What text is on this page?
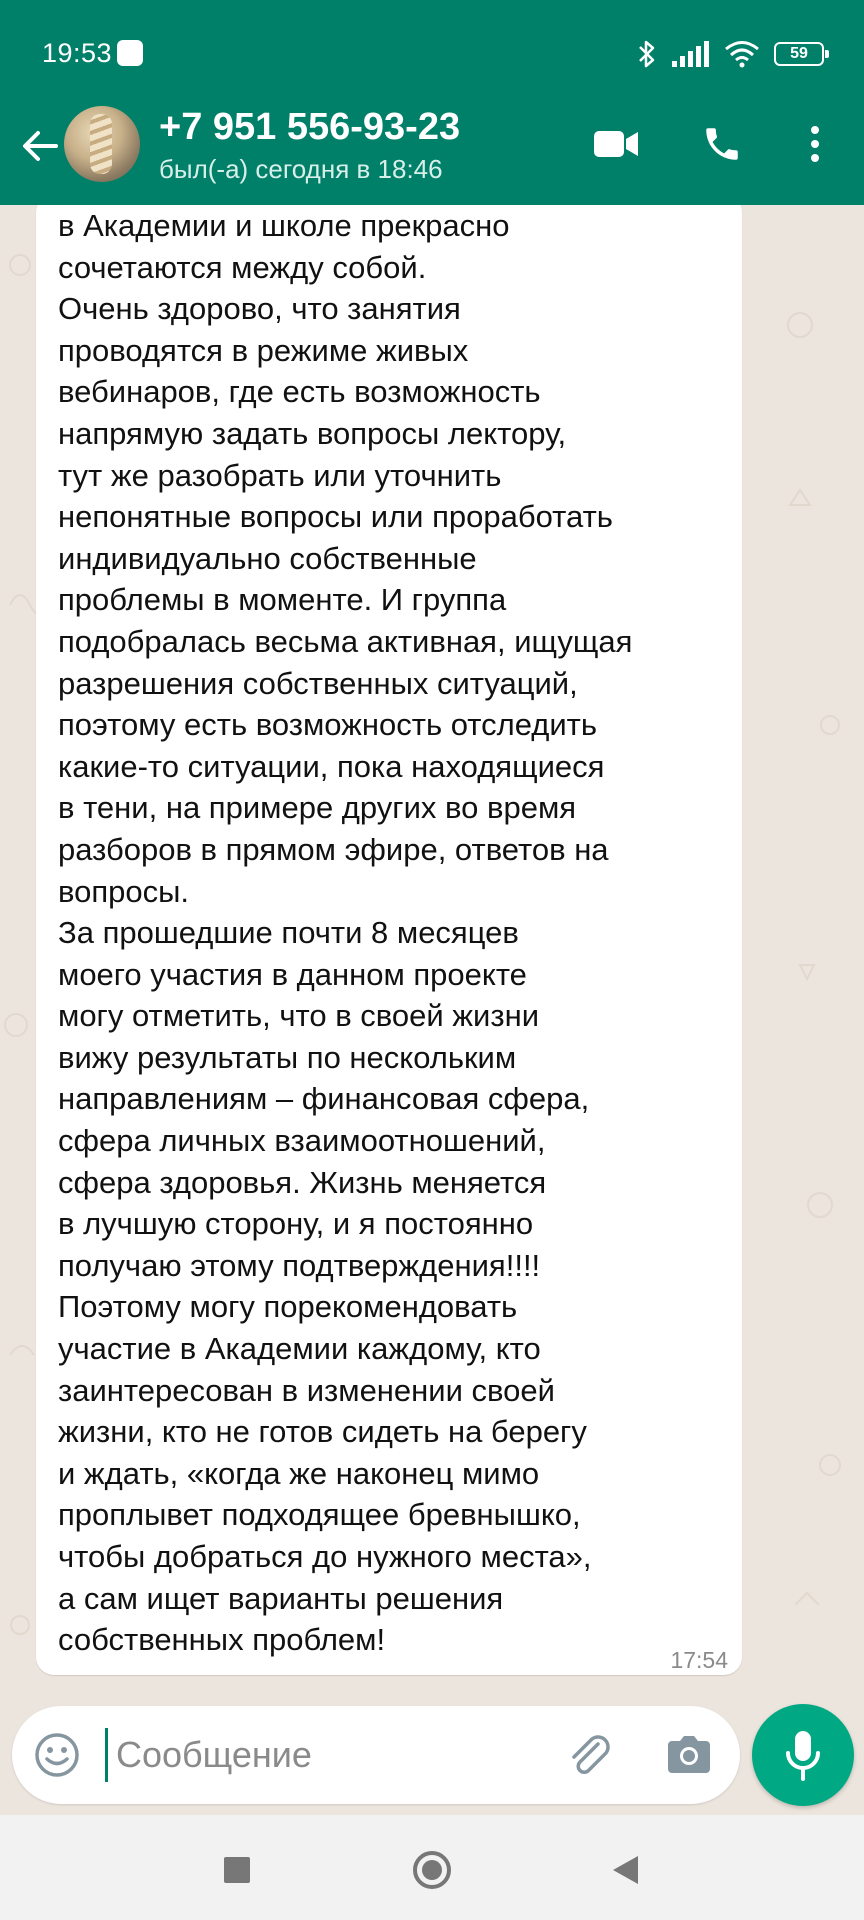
19:53	59
+7 951 556-93-23
был(-а) сегодня в 18:46
в Академии и школе прекрасно
сочетаются между собой.
Очень здорово, что занятия
проводятся в режиме живых
вебинаров, где есть возможность
напрямую задать вопросы лектору,
тут же разобрать или уточнить
непонятные вопросы или проработать
индивидуально собственные
проблемы в моменте. И группа
подобралась весьма активная, ищущая
разрешения собственных ситуаций,
поэтому есть возможность отследить
какие-то ситуации, пока находящиеся
в тени, на примере других во время
разборов в прямом эфире, ответов на
вопросы.
За прошедшие почти 8 месяцев
моего участия в данном проекте
могу отметить, что в своей жизни
вижу результаты по нескольким
направлениям – финансовая сфера,
сфера личных взаимоотношений,
сфера здоровья. Жизнь меняется
в лучшую сторону, и я постоянно
получаю этому подтверждения!!!!
Поэтому могу порекомендовать
участие в Академии каждому, кто
заинтересован в изменении своей
жизни, кто не готов сидеть на берегу
и ждать, «когда же наконец мимо
проплывет подходящее бревнышко,
чтобы добраться до нужного места»,
а сам ищет варианты решения
собственных проблем!
17:54
Сообщение
